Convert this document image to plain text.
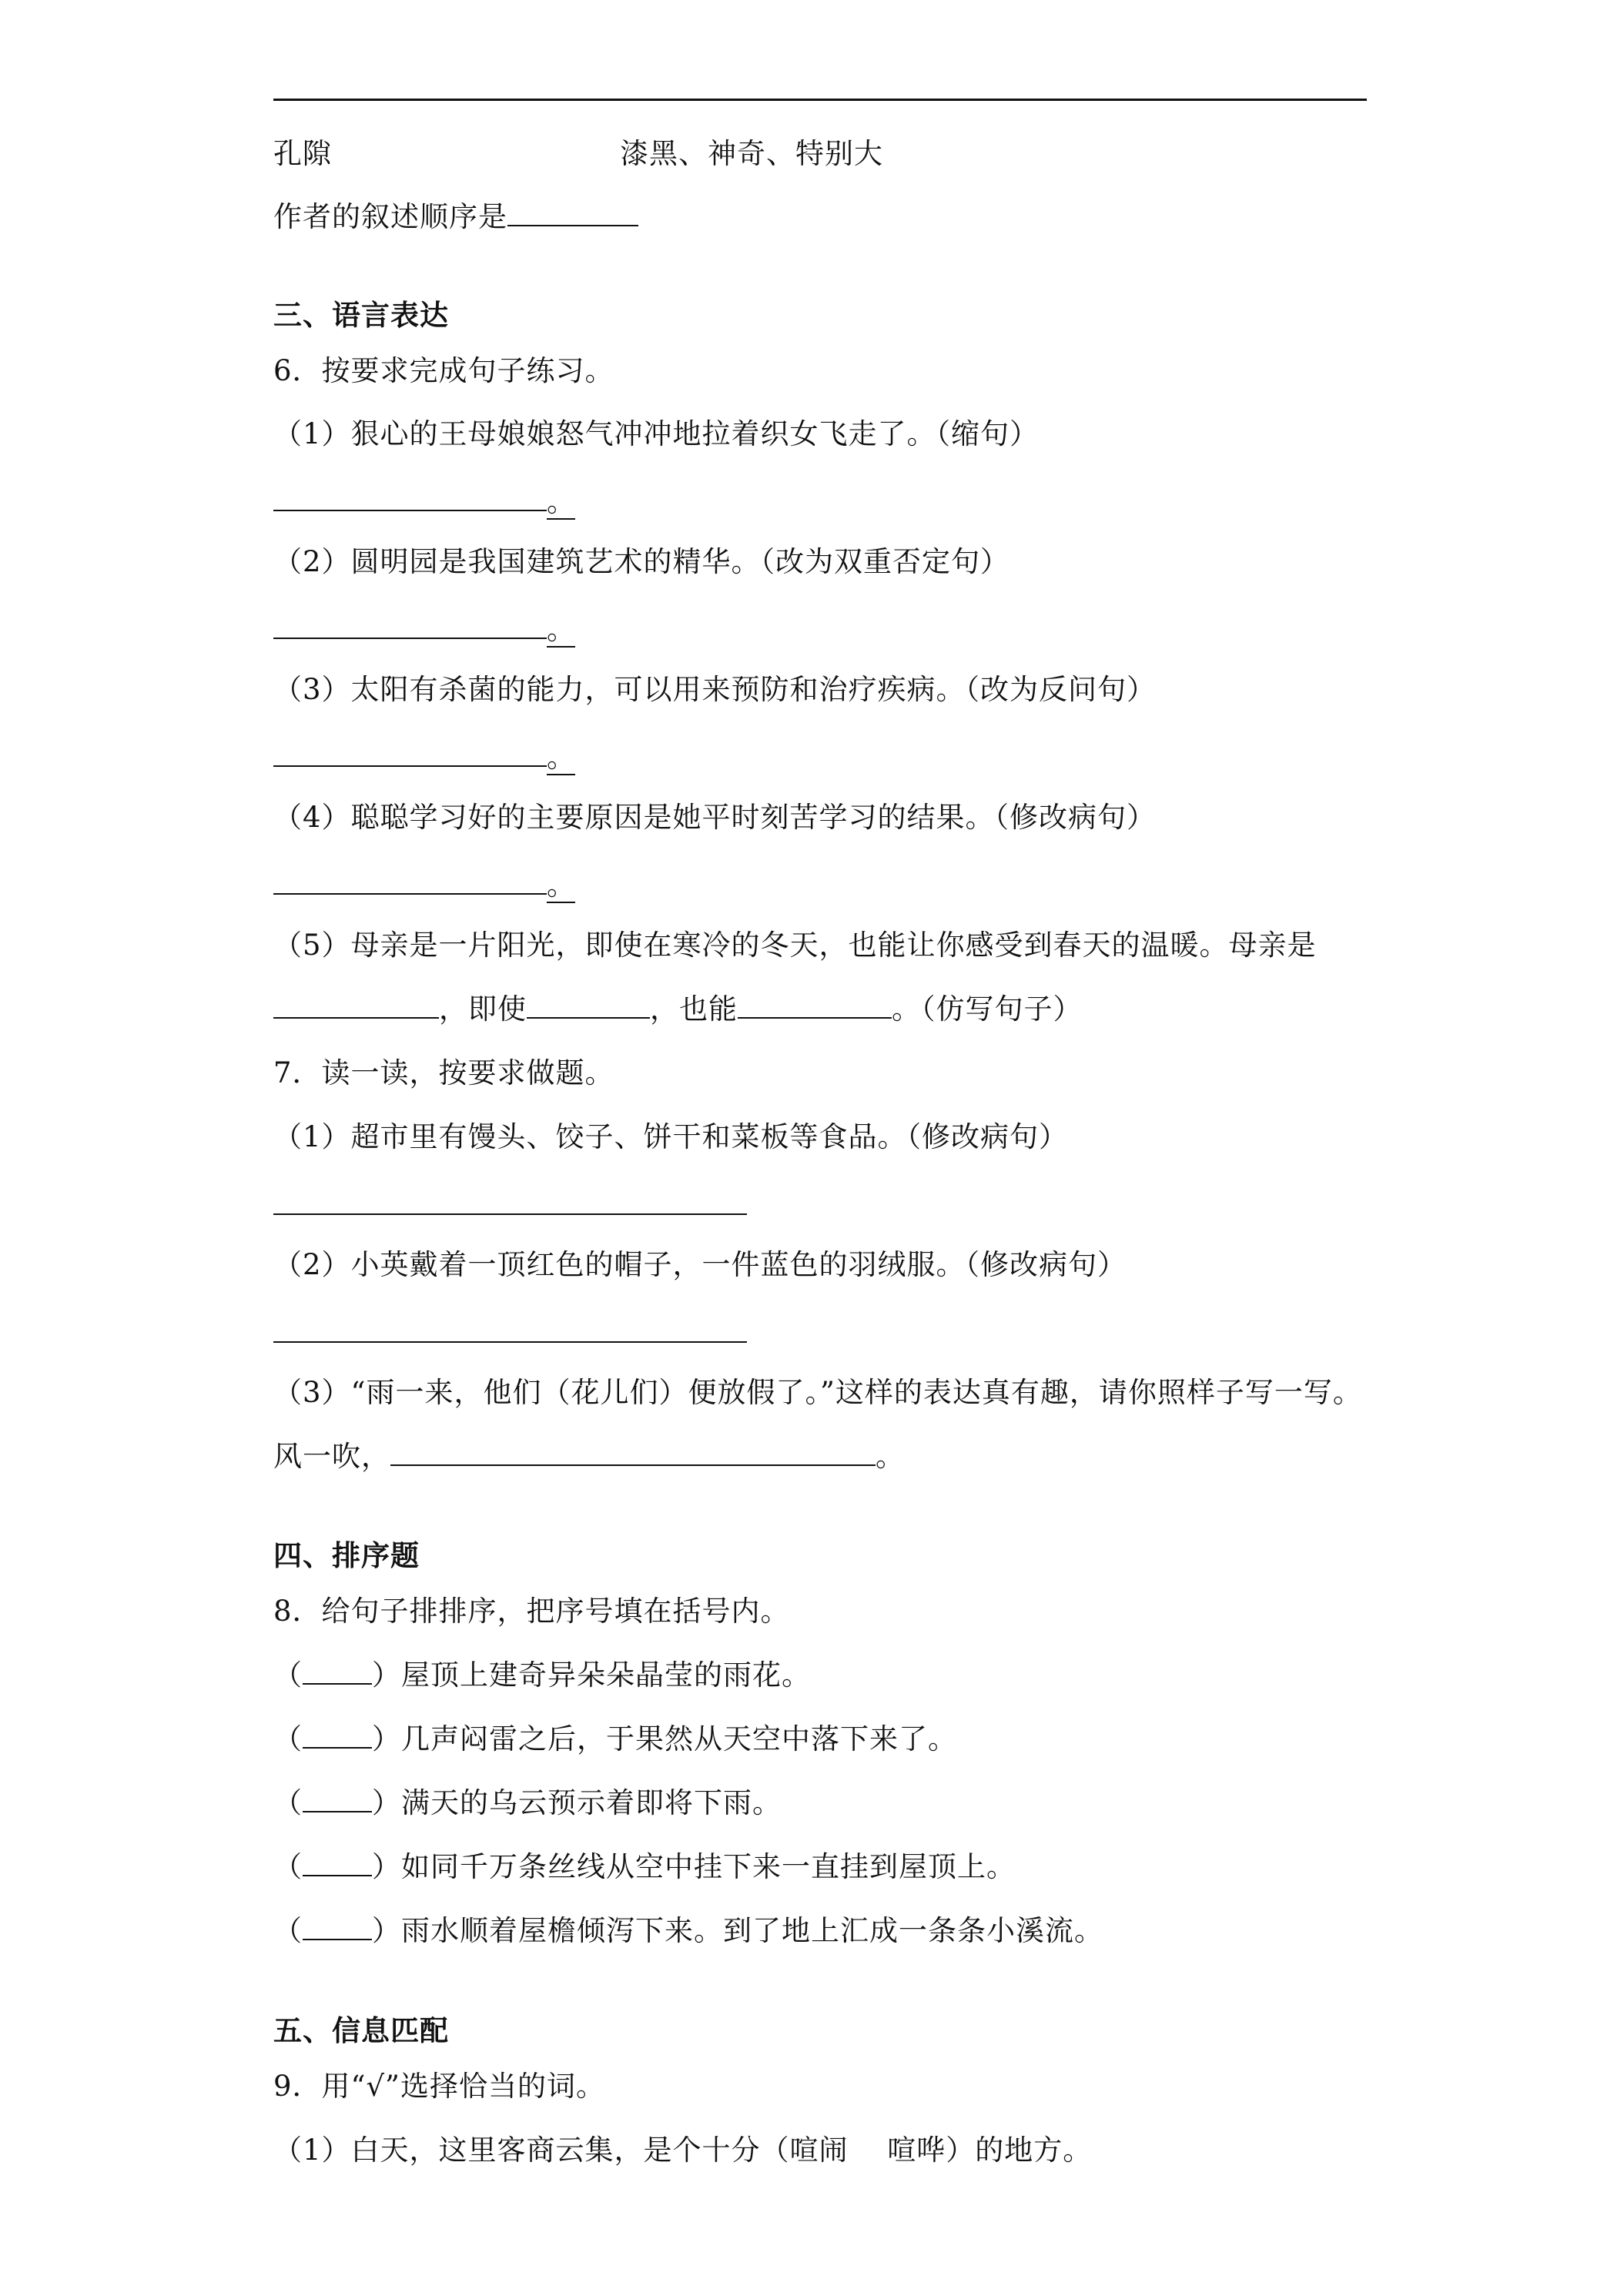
孔隙	漆黑、神奇、特别大
作者的叙述顺序是
三、语言表达
6．按要求完成句子练习。
（1）狠心的王母娘娘怒气冲冲地拉着织女飞走了。（缩句）
。
（2）圆明园是我国建筑艺术的精华。（改为双重否定句）
。
（3）太阳有杀菌的能力，可以用来预防和治疗疾病。（改为反问句）
。
（4）聪聪学习好的主要原因是她平时刻苦学习的结果。（修改病句）
。
（5）母亲是一片阳光，即使在寒冷的冬天，也能让你感受到春天的温暖。母亲是
，即使	，也能	。（仿写句子）
7．读一读，按要求做题。
（1）超市里有馒头、饺子、饼干和菜板等食品。（修改病句）
（2）小英戴着一顶红色的帽子，一件蓝色的羽绒服。（修改病句）
（3）“雨一来，他们（花儿们）便放假了。”这样的表达真有趣，请你照样子写一写。
风一吹，	。
四、排序题
8．给句子排排序，把序号填在括号内。
（ ）屋顶上建奇异朵朵晶莹的雨花。
（ ）几声闷雷之后，于果然从天空中落下来了。
（ ）满天的乌云预示着即将下雨。
（ ）如同千万条丝线从空中挂下来一直挂到屋顶上。
（ ）雨水顺着屋檐倾泻下来。到了地上汇成一条条小溪流。
五、信息匹配
9．用“√”选择恰当的词。
（1）白天，这里客商云集，是个十分（喧闹　 喧哗）的地方。
